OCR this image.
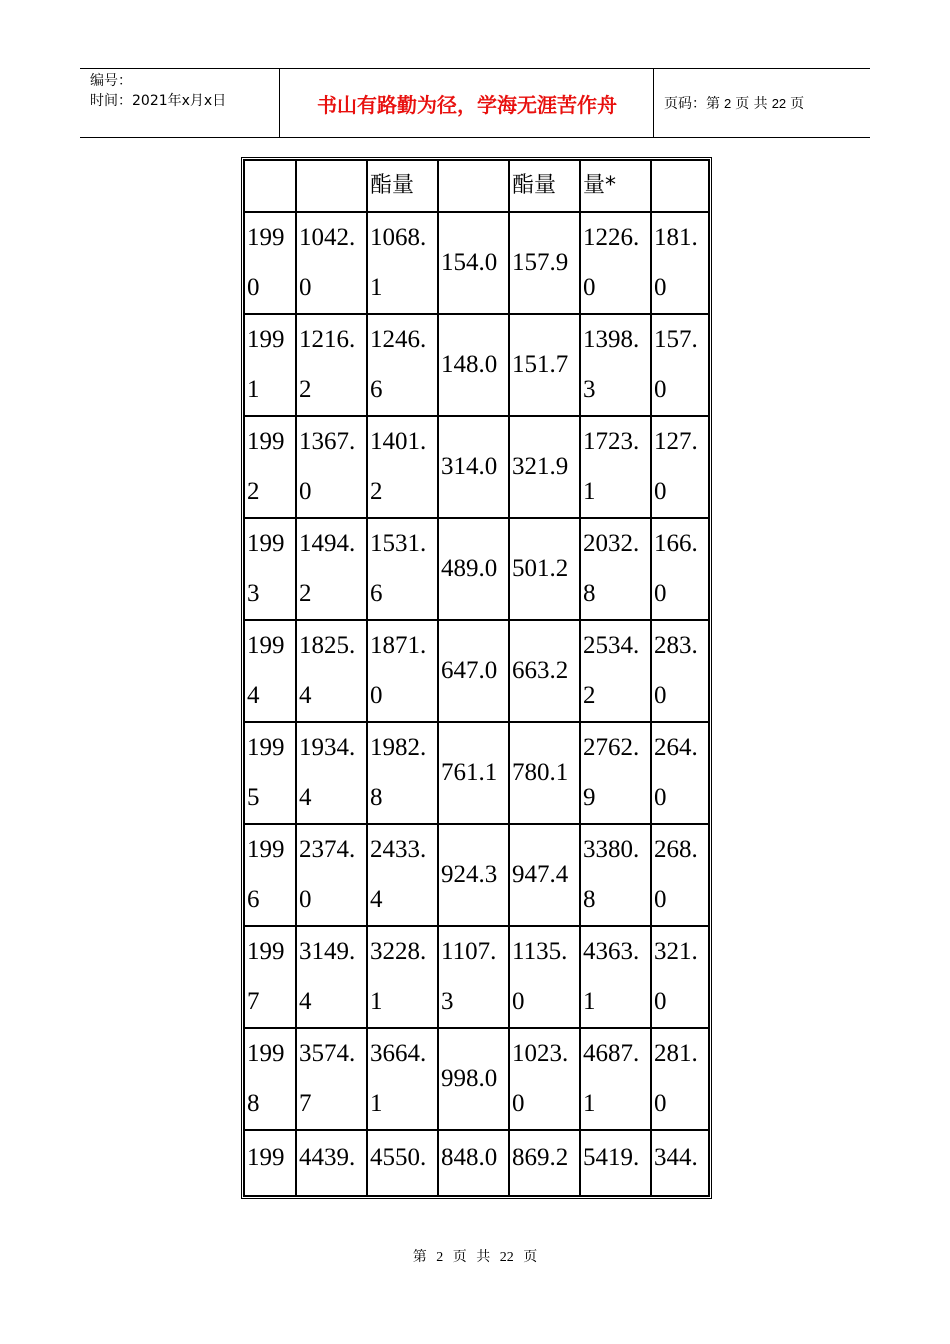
编号：
时间：2021年x月x日	书山有路勤为径，学海无涯苦作舟	页码：第 2 页 共 22 页
		酯量		酯量	量*	
1990	1042.0	1068.1	154.0	157.9	1226.0	181.0
1991	1216.2	1246.6	148.0	151.7	1398.3	157.0
1992	1367.0	1401.2	314.0	321.9	1723.1	127.0
1993	1494.2	1531.6	489.0	501.2	2032.8	166.0
1994	1825.4	1871.0	647.0	663.2	2534.2	283.0
1995	1934.4	1982.8	761.1	780.1	2762.9	264.0
1996	2374.0	2433.4	924.3	947.4	3380.8	268.0
1997	3149.4	3228.1	1107.3	1135.0	4363.1	321.0
1998	3574.7	3664.1	998.0	1023.0	4687.1	281.0
199	4439.	4550.	848.0	869.2	5419.	344.
第 2 页 共 22 页
